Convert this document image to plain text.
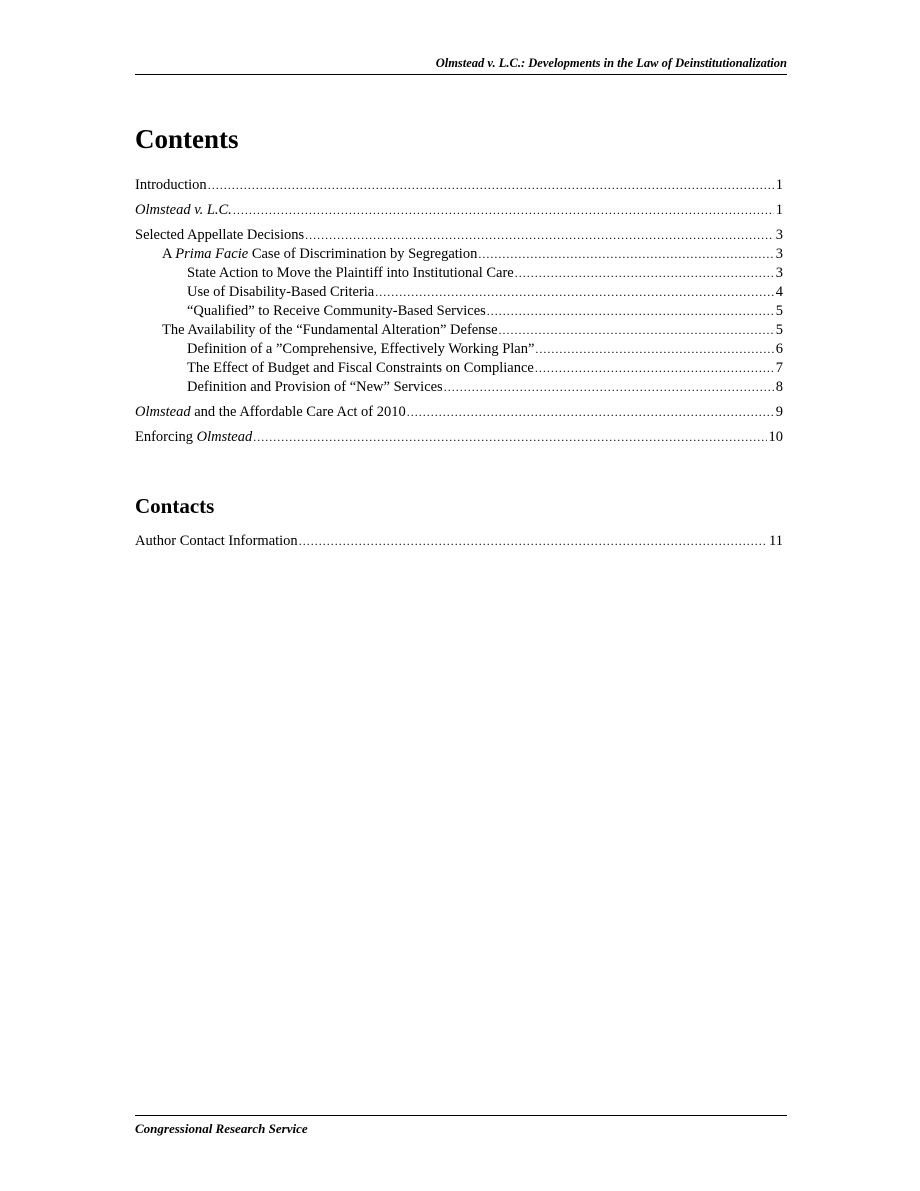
Olmstead v. L.C.: Developments in the Law of Deinstitutionalization
Contents
Introduction .....	1
Olmstead v. L.C. .....	1
Selected Appellate Decisions .....	3
A Prima Facie Case of Discrimination by Segregation .....	3
State Action to Move the Plaintiff into Institutional Care .....	3
Use of Disability-Based Criteria .....	4
“Qualified” to Receive Community-Based Services .....	5
The Availability of the “Fundamental Alteration” Defense .....	5
Definition of a ”Comprehensive, Effectively Working Plan” .....	6
The Effect of Budget and Fiscal Constraints on Compliance .....	7
Definition and Provision of “New” Services .....	8
Olmstead and the Affordable Care Act of 2010 .....	9
Enforcing Olmstead .....	10
Contacts
Author Contact Information .....	11
Congressional Research Service
